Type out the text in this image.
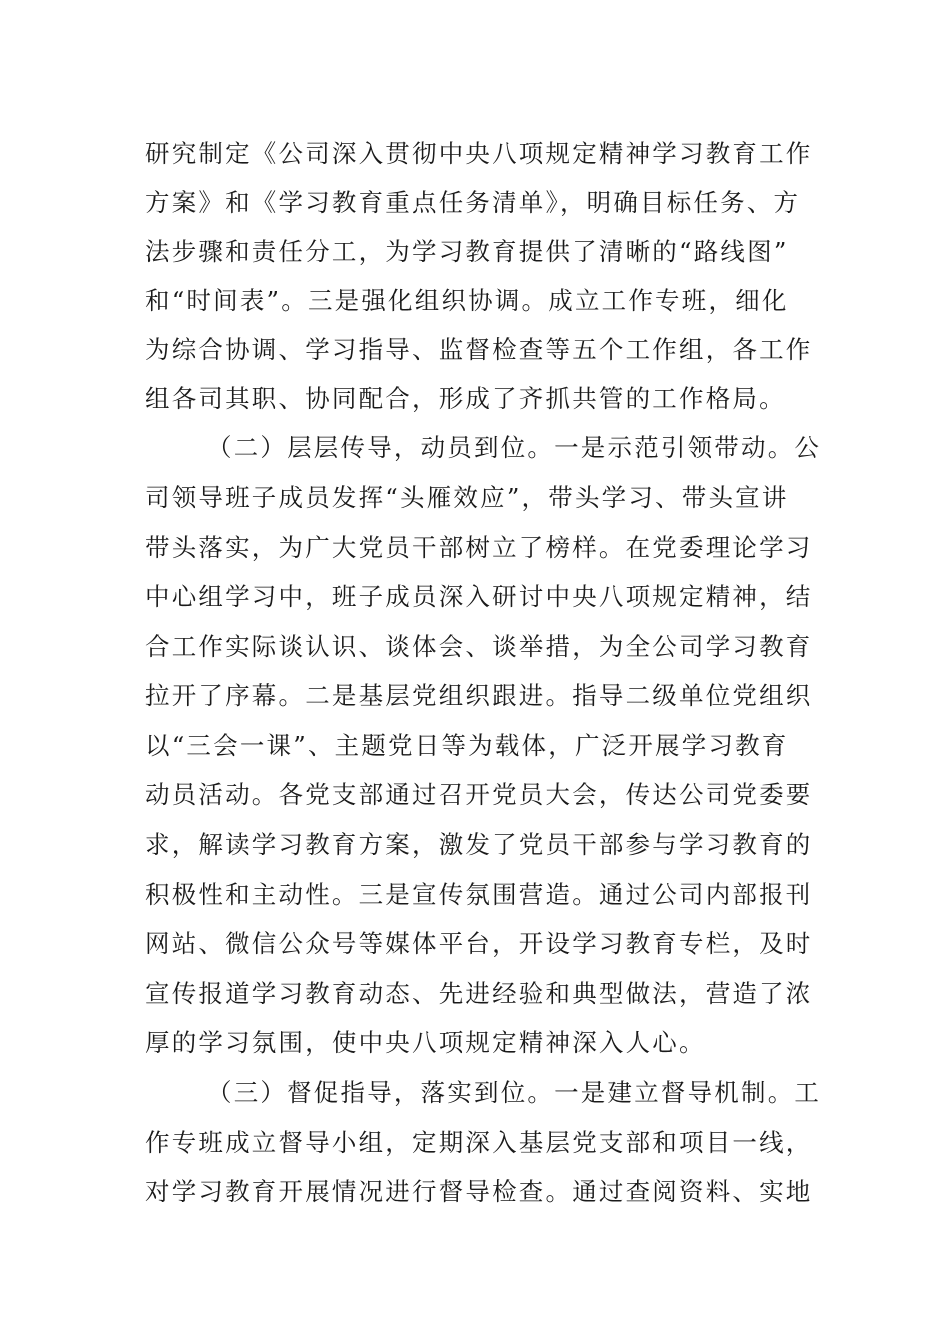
研究制定《公司深入贯彻中央八项规定精神学习教育工作
方案》和《学习教育重点任务清单》，明确目标任务、方
法步骤和责任分工，为学习教育提供了清晰的“路线图”
和“时间表”。三是强化组织协调。成立工作专班，细化
为综合协调、学习指导、监督检查等五个工作组，各工作
组各司其职、协同配合，形成了齐抓共管的工作格局。
（二）层层传导，动员到位。一是示范引领带动。公
司领导班子成员发挥“头雁效应”，带头学习、带头宣讲
带头落实，为广大党员干部树立了榜样。在党委理论学习
中心组学习中，班子成员深入研讨中央八项规定精神，结
合工作实际谈认识、谈体会、谈举措，为全公司学习教育
拉开了序幕。二是基层党组织跟进。指导二级单位党组织
以“三会一课”、主题党日等为载体，广泛开展学习教育
动员活动。各党支部通过召开党员大会，传达公司党委要
求，解读学习教育方案，激发了党员干部参与学习教育的
积极性和主动性。三是宣传氛围营造。通过公司内部报刊
网站、微信公众号等媒体平台，开设学习教育专栏，及时
宣传报道学习教育动态、先进经验和典型做法，营造了浓
厚的学习氛围，使中央八项规定精神深入人心。
（三）督促指导，落实到位。一是建立督导机制。工
作专班成立督导小组，定期深入基层党支部和项目一线，
对学习教育开展情况进行督导检查。通过查阅资料、实地
